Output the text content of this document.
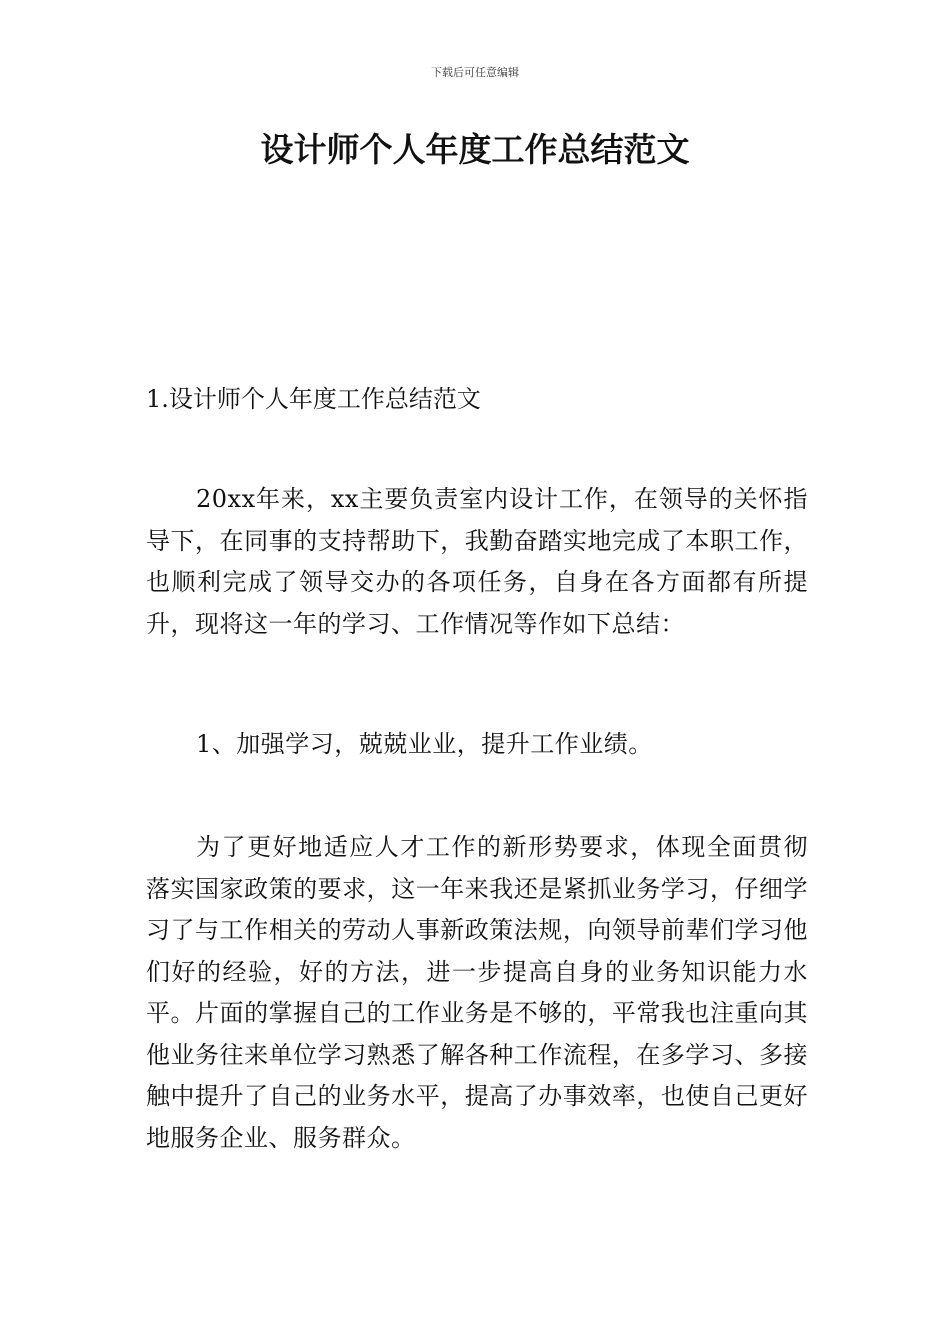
下载后可任意编辑
设计师个人年度工作总结范文
1.设计师个人年度工作总结范文

20xx年来，xx主要负责室内设计工作，在领导的关怀指导下，在同事的支持帮助下，我勤奋踏实地完成了本职工作，也顺利完成了领导交办的各项任务，自身在各方面都有所提升，现将这一年的学习、工作情况等作如下总结：

1、加强学习，兢兢业业，提升工作业绩。

为了更好地适应人才工作的新形势要求，体现全面贯彻落实国家政策的要求，这一年来我还是紧抓业务学习，仔细学习了与工作相关的劳动人事新政策法规，向领导前辈们学习他们好的经验，好的方法，进一步提高自身的业务知识能力水平。片面的掌握自己的工作业务是不够的，平常我也注重向其他业务往来单位学习熟悉了解各种工作流程，在多学习、多接触中提升了自己的业务水平，提高了办事效率，也使自己更好地服务企业、服务群众。
